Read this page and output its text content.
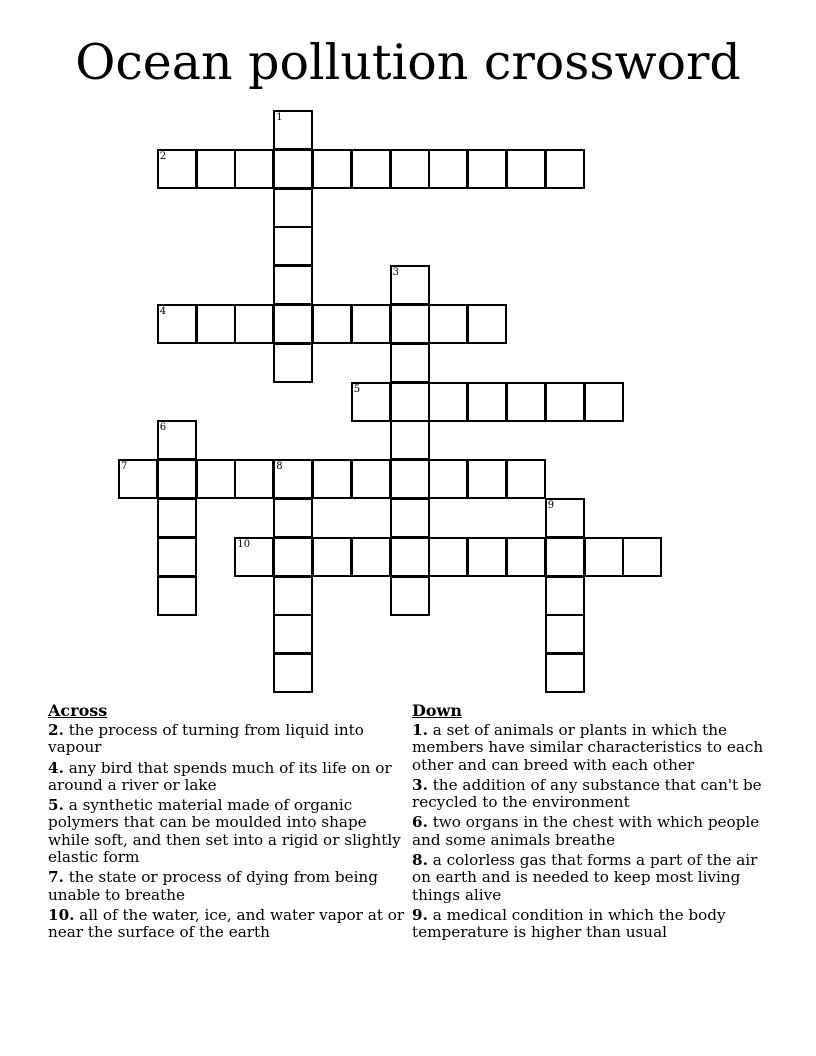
Ocean pollution crossword
1
2
3
4
5
6
7	8
9
10

Across

2. the process of turning from liquid into vapour

4. any bird that spends much of its life on or around a river or lake

5. a synthetic material made of organic polymers that can be moulded into shape while soft, and then set into a rigid or slightly elastic form

7. the state or process of dying from being unable to breathe

10. all of the water, ice, and water vapor at or near the surface of the earth

Down

1. a set of animals or plants in which the members have similar characteristics to each other and can breed with each other

3. the addition of any substance that can't be recycled to the environment

6. two organs in the chest with which people and some animals breathe

8. a colorless gas that forms a part of the air on earth and is needed to keep most living things alive

9. a medical condition in which the body temperature is higher than usual
